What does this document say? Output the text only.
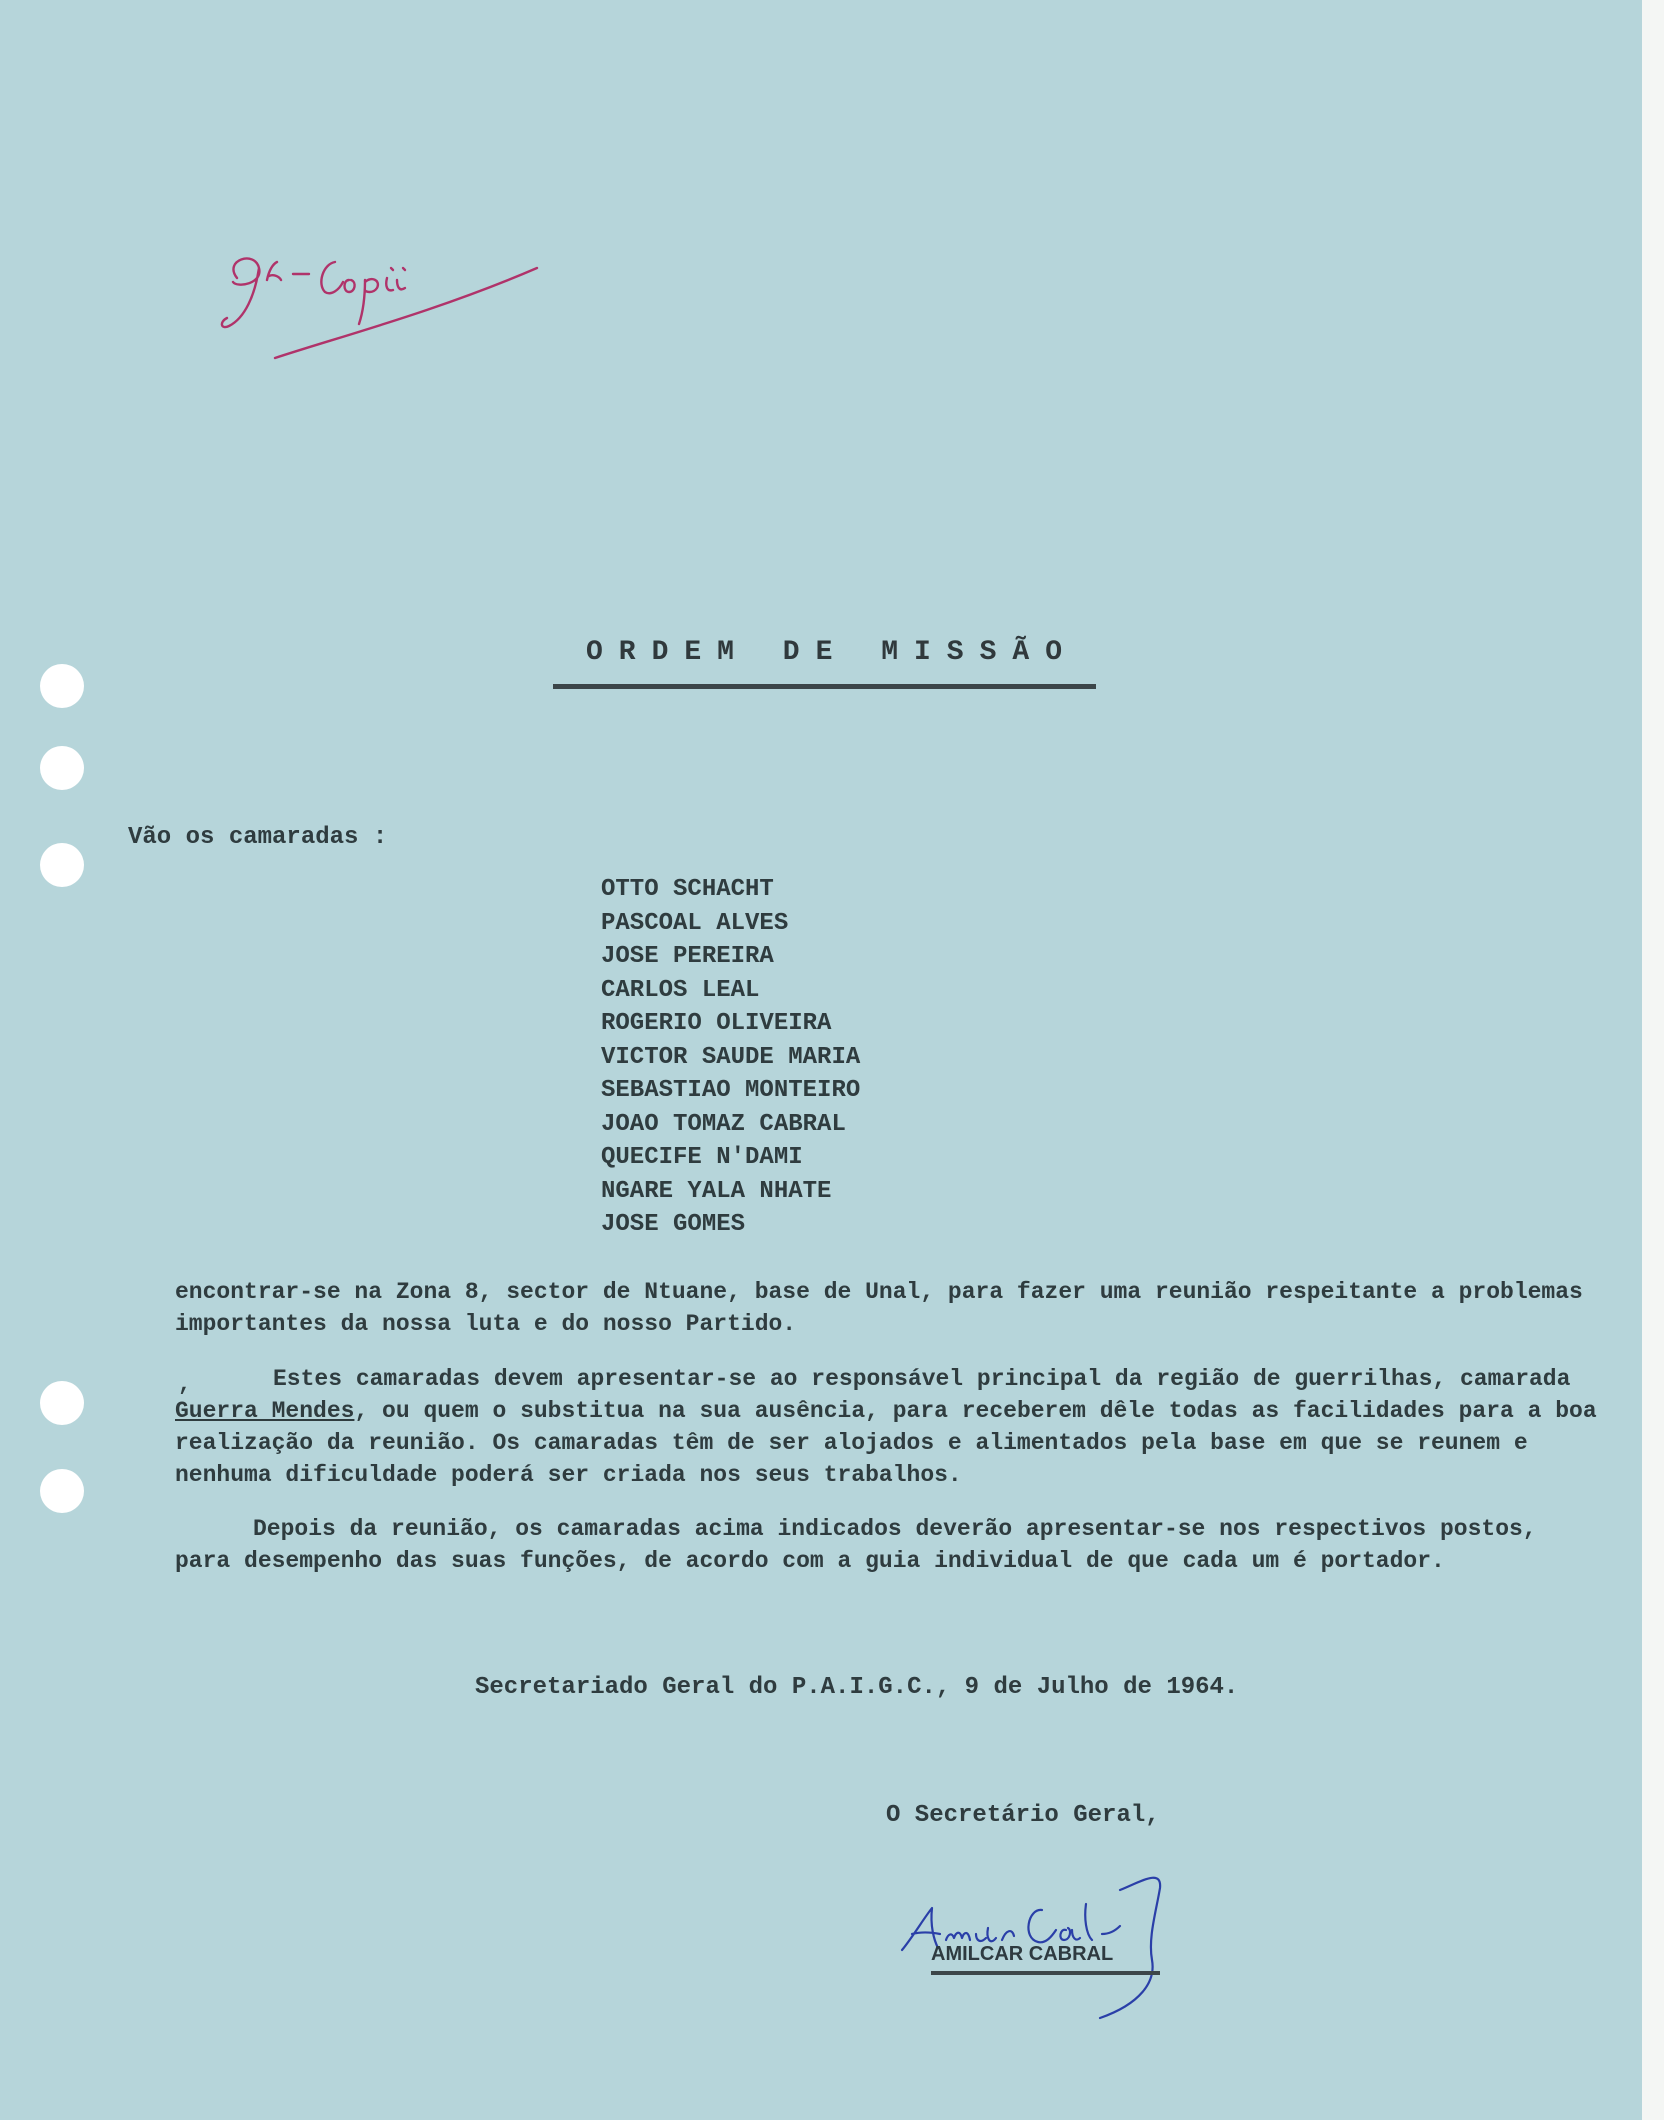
ORDEM DE MISSÃO
Vão os camaradas :
OTTO SCHACHT
PASCOAL ALVES
JOSE PEREIRA
CARLOS LEAL
ROGERIO OLIVEIRA
VICTOR SAUDE MARIA
SEBASTIAO MONTEIRO
JOAO TOMAZ CABRAL
QUECIFE N'DAMI
NGARE YALA NHATE
JOSE GOMES

encontrar-se na Zona 8, sector de Ntuane, base de Unal, para fazer uma reunião respeitante a problemas importantes da nossa luta e do nosso Partido.

,	Estes camaradas devem apresentar-se ao responsável principal da região de guerrilhas, camarada Guerra Mendes, ou quem o substitua na sua ausência, para receberem dêle todas as facilidades para a boa realização da reunião. Os camaradas têm de ser alojados e alimentados pela base em que se reunem e nenhuma dificuldade poderá ser criada nos seus trabalhos.

Depois da reunião, os camaradas acima indicados deverão apresentar-se nos respectivos postos, para desempenho das suas funções, de acordo com a guia individual de que cada um é portador.

Secretariado Geral do P.A.I.G.C., 9 de Julho de 1964.
O Secretário Geral,
AMILCAR CABRAL
